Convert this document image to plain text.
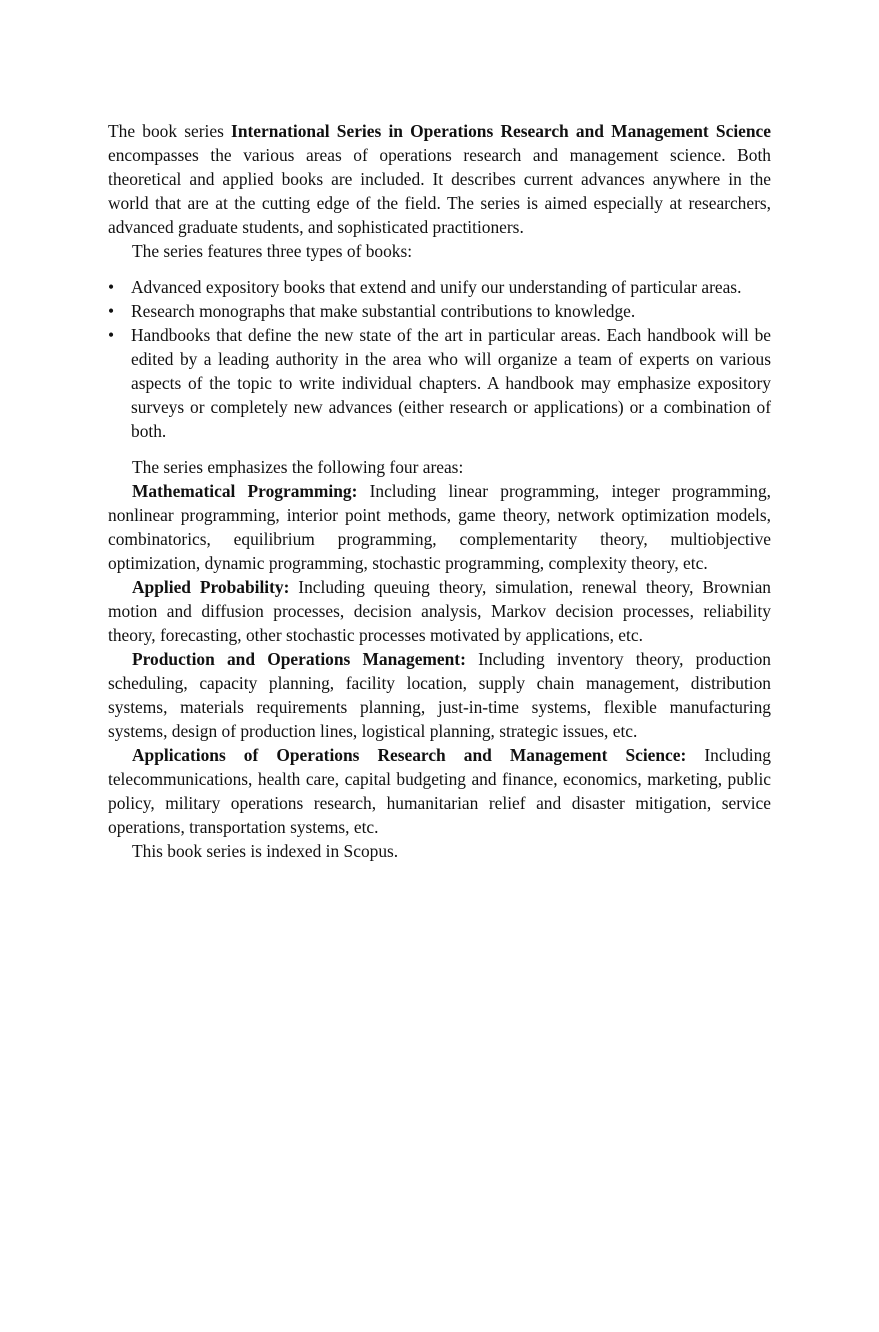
The book series International Series in Operations Research and Management Science encompasses the various areas of operations research and management science. Both theoretical and applied books are included. It describes current advances anywhere in the world that are at the cutting edge of the field. The series is aimed especially at researchers, advanced graduate students, and sophisticated practitioners.

The series features three types of books:

• Advanced expository books that extend and unify our understanding of particular areas.
• Research monographs that make substantial contributions to knowledge.
• Handbooks that define the new state of the art in particular areas. Each handbook will be edited by a leading authority in the area who will organize a team of experts on various aspects of the topic to write individual chapters. A handbook may emphasize expository surveys or completely new advances (either research or applications) or a combination of both.

The series emphasizes the following four areas:

Mathematical Programming: Including linear programming, integer programming, nonlinear programming, interior point methods, game theory, network optimization models, combinatorics, equilibrium programming, complementarity theory, multiobjective optimization, dynamic programming, stochastic programming, complexity theory, etc.

Applied Probability: Including queuing theory, simulation, renewal theory, Brownian motion and diffusion processes, decision analysis, Markov decision processes, reliability theory, forecasting, other stochastic processes motivated by applications, etc.

Production and Operations Management: Including inventory theory, production scheduling, capacity planning, facility location, supply chain management, distribution systems, materials requirements planning, just-in-time systems, flexible manufacturing systems, design of production lines, logistical planning, strategic issues, etc.

Applications of Operations Research and Management Science: Including telecommunications, health care, capital budgeting and finance, economics, marketing, public policy, military operations research, humanitarian relief and disaster mitigation, service operations, transportation systems, etc.

This book series is indexed in Scopus.
